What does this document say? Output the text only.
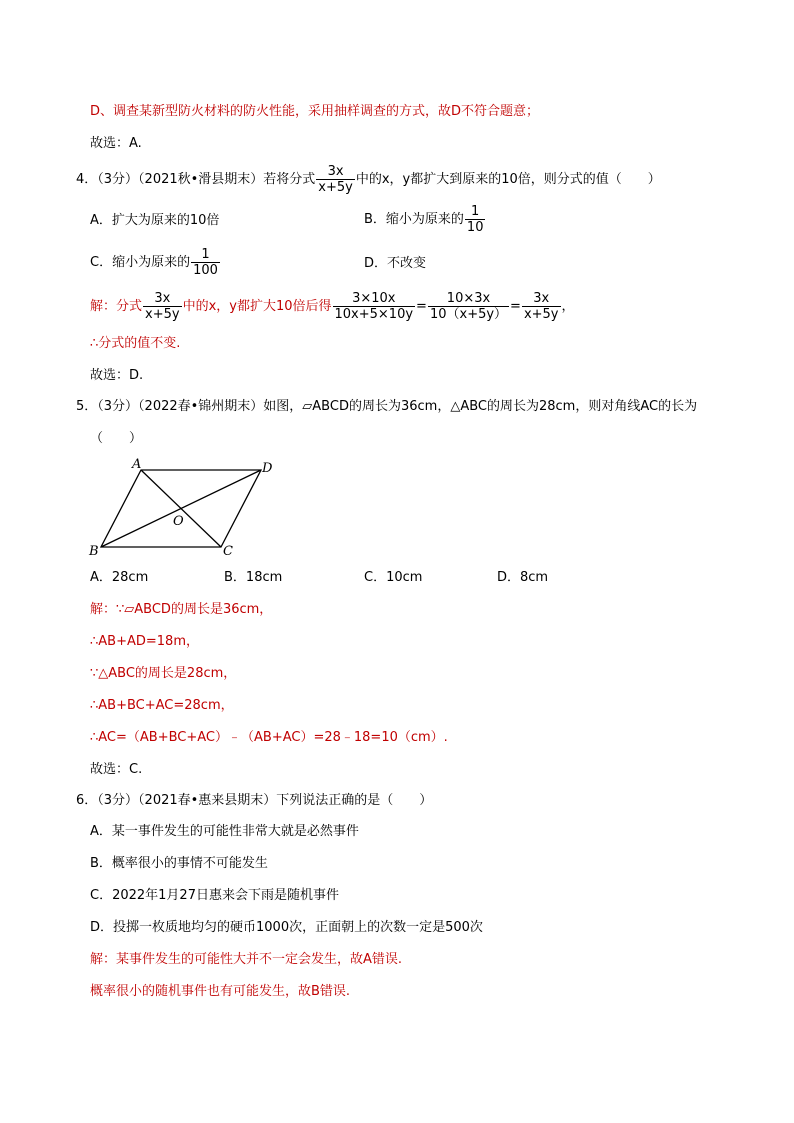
D、调查某新型防火材料的防火性能，采用抽样调查的方式，故D不符合题意；
故选：A.
4．（3分）（2021秋•滑县期末）若将分式 $\frac{3x}{x+5y}$ 中的x，y都扩大到原来的10倍，则分式的值（　　）
A．扩大为原来的10倍	B．缩小为原来的 $\frac{1}{10}$
C．缩小为原来的 $\frac{1}{100}$	D．不改变
解：分式 $\frac{3x}{x+5y}$ 中的x，y都扩大10倍后得 $\frac{3\times 10x}{10x+5\times 10y} = \frac{10\times 3x}{10(x+5y)} = \frac{3x}{x+5y}$ ，
∴分式的值不变.
故选：D.
5．（3分）（2022春•锦州期末）如图，▱ABCD的周长为36cm，△ABC的周长为28cm，则对角线AC的长为
（　　）
A	D
B	C
O
A．28cm	B．18cm	C．10cm	D．8cm
解：∵▱ABCD的周长是36cm，
∴AB+AD=18m，
∵△ABC的周长是28cm，
∴AB+BC+AC=28cm，
∴AC=（AB+BC+AC）﹣（AB+AC）=28﹣18=10（cm）.
故选：C.
6．（3分）（2021春•惠来县期末）下列说法正确的是（　　）
A．某一事件发生的可能性非常大就是必然事件
B．概率很小的事情不可能发生
C．2022年1月27日惠来会下雨是随机事件
D．投掷一枚质地均匀的硬币1000次，正面朝上的次数一定是500次
解：某事件发生的可能性大并不一定会发生，故A错误.
概率很小的随机事件也有可能发生，故B错误.
